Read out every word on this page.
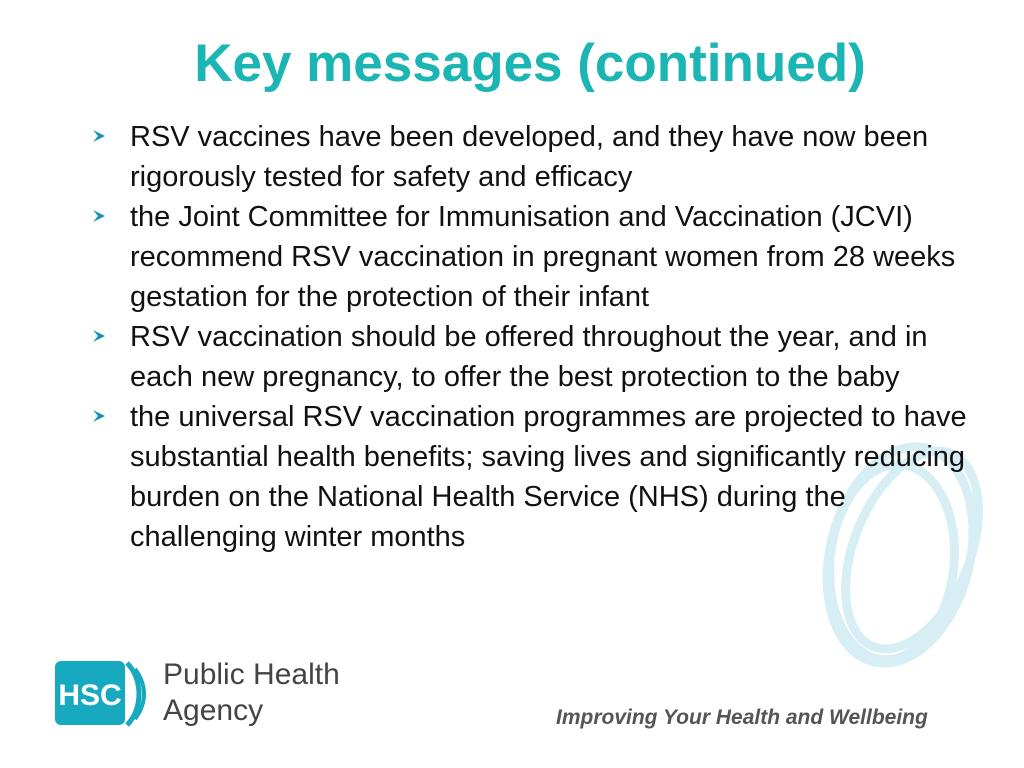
Key messages (continued)
RSV vaccines have been developed, and they have now been rigorously tested for safety and efficacy
the Joint Committee for Immunisation and Vaccination (JCVI) recommend RSV vaccination in pregnant women from 28 weeks gestation for the protection of their infant
RSV vaccination should be offered throughout the year, and in each new pregnancy, to offer the best protection to the baby
the universal RSV vaccination programmes are projected to have substantial health benefits; saving lives and significantly reducing burden on the National Health Service (NHS) during the challenging winter months
HSC
Public Health
Agency	Improving Your Health and Wellbeing
